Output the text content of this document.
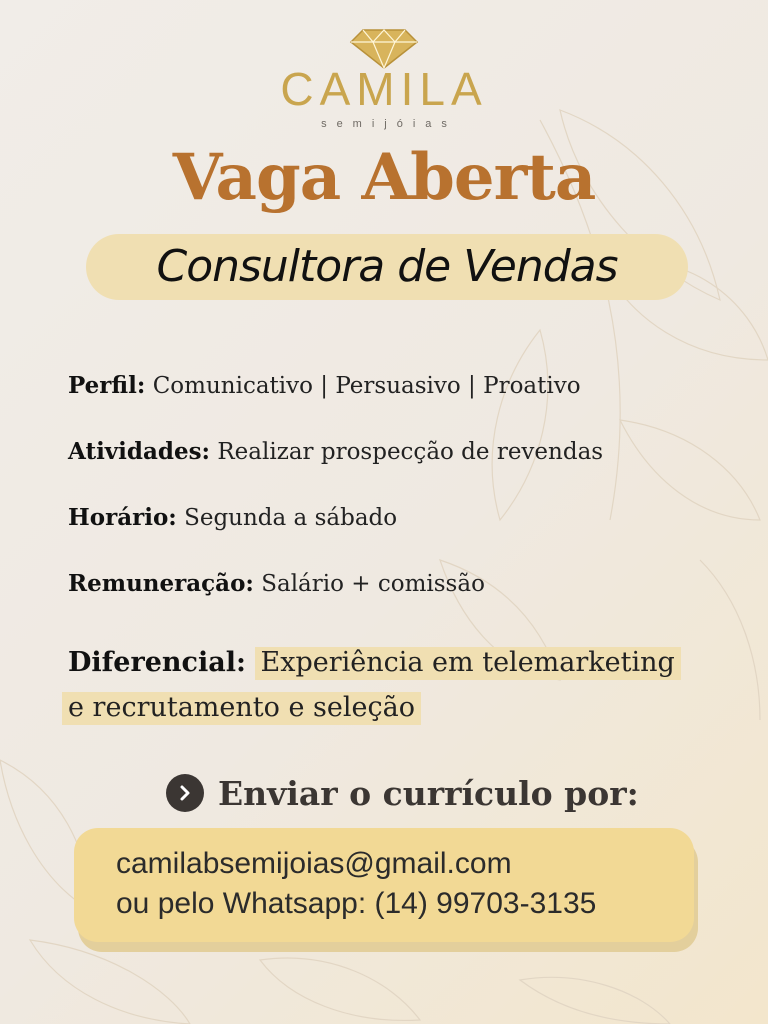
CAMILA
semijóias
Vaga Aberta
Consultora de Vendas
Perfil: Comunicativo | Persuasivo | Proativo
Atividades: Realizar prospecção de revendas
Horário: Segunda a sábado
Remuneração: Salário + comissão
Diferencial: Experiência em telemarketing
e recrutamento e seleção
Enviar o currículo por:
camilabsemijoias@gmail.com
ou pelo Whatsapp: (14) 99703-3135
